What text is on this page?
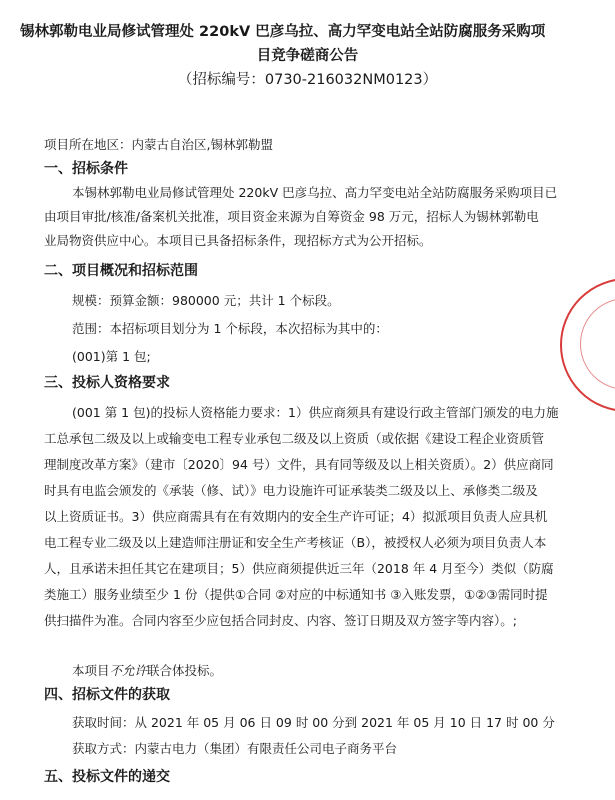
锡林郭勒电业局修试管理处 220kV 巴彦乌拉、高力罕变电站全站防腐服务采购项
目竞争磋商公告
（招标编号：0730-216032NM0123）
项目所在地区：内蒙古自治区,锡林郭勒盟
一、招标条件
本锡林郭勒电业局修试管理处 220kV 巴彦乌拉、高力罕变电站全站防腐服务采购项目已
由项目审批/核准/备案机关批准，项目资金来源为自筹资金 98 万元，招标人为锡林郭勒电
业局物资供应中心。本项目已具备招标条件，现招标方式为公开招标。
二、项目概况和招标范围
规模：预算金额：980000 元；共计 1 个标段。
范围：本招标项目划分为 1 个标段，本次招标为其中的：
(001)第 1 包;
三、投标人资格要求
(001 第 1 包)的投标人资格能力要求：1）供应商须具有建设行政主管部门颁发的电力施
工总承包二级及以上或输变电工程专业承包二级及以上资质（或依据《建设工程企业资质管
理制度改革方案》（建市〔2020〕94 号）文件，具有同等级及以上相关资质）。2）供应商同
时具有电监会颁发的《承装（修、试）》电力设施许可证承装类二级及以上、承修类二级及
以上资质证书。3）供应商需具有在有效期内的安全生产许可证；4）拟派项目负责人应具机
电工程专业二级及以上建造师注册证和安全生产考核证（B），被授权人必须为项目负责人本
人，且承诺未担任其它在建项目；5）供应商须提供近三年（2018 年 4 月至今）类似（防腐
类施工）服务业绩至少 1 份（提供①合同 ②对应的中标通知书 ③入账发票，①②③需同时提
供扫描件为准。合同内容至少应包括合同封皮、内容、签订日期及双方签字等内容）。;
本项目不允许联合体投标。
四、招标文件的获取
获取时间：从 2021 年 05 月 06 日 09 时 00 分到 2021 年 05 月 10 日 17 时 00 分
获取方式：内蒙古电力（集团）有限责任公司电子商务平台
五、投标文件的递交
